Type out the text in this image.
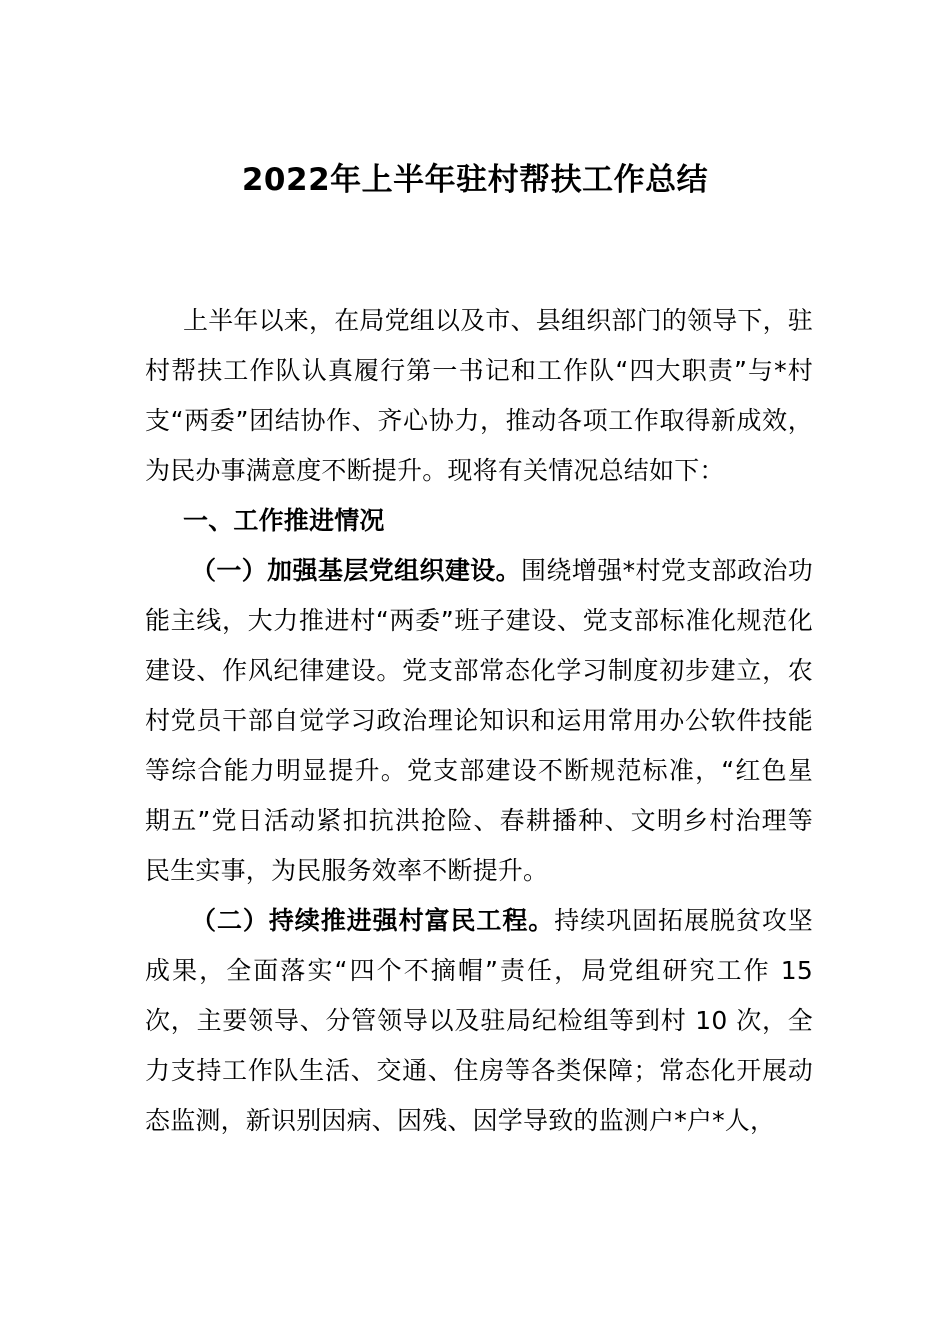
2022年上半年驻村帮扶工作总结

上半年以来，在局党组以及市、县组织部门的领导下，驻村帮扶工作队认真履行第一书记和工作队“四大职责”与*村支“两委”团结协作、齐心协力，推动各项工作取得新成效，为民办事满意度不断提升。现将有关情况总结如下：

一、工作推进情况

（一）加强基层党组织建设。围绕增强*村党支部政治功能主线，大力推进村“两委”班子建设、党支部标准化规范化建设、作风纪律建设。党支部常态化学习制度初步建立，农村党员干部自觉学习政治理论知识和运用常用办公软件技能等综合能力明显提升。党支部建设不断规范标准，“红色星期五”党日活动紧扣抗洪抢险、春耕播种、文明乡村治理等民生实事，为民服务效率不断提升。

（二）持续推进强村富民工程。持续巩固拓展脱贫攻坚成果，全面落实“四个不摘帽”责任，局党组研究工作 15次，主要领导、分管领导以及驻局纪检组等到村 10 次，全力支持工作队生活、交通、住房等各类保障；常态化开展动态监测，新识别因病、因残、因学导致的监测户*户*人，
